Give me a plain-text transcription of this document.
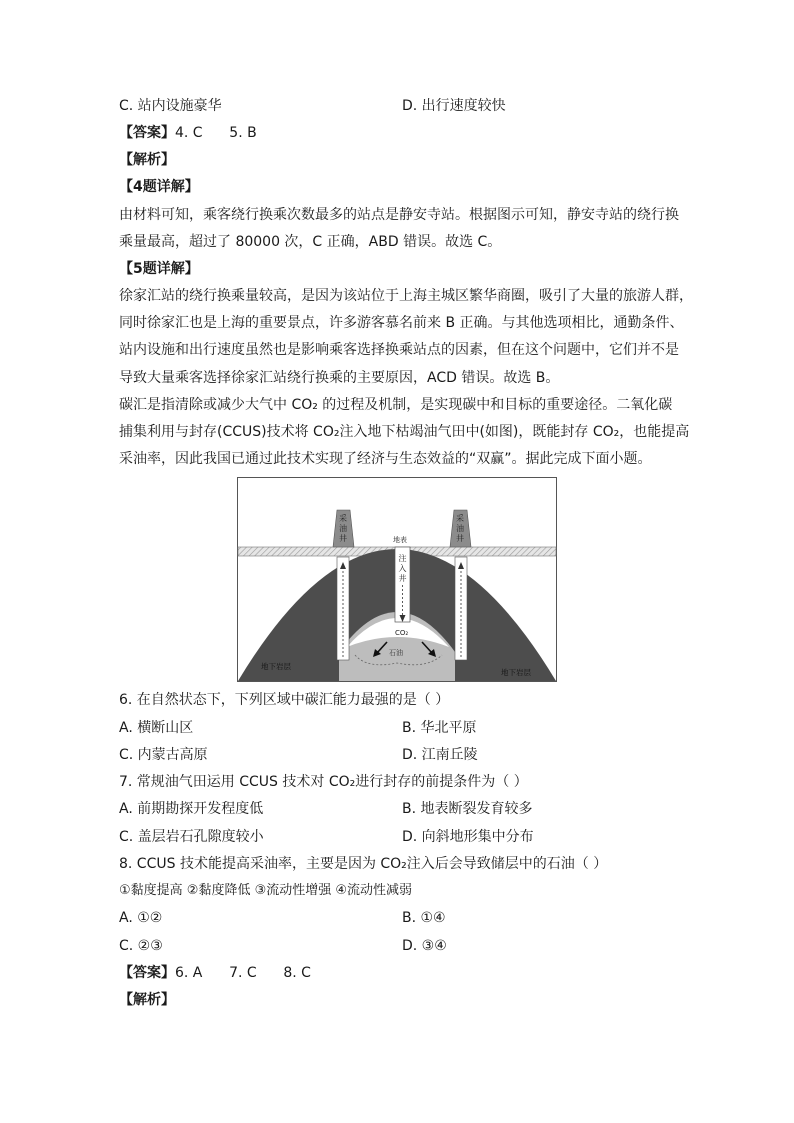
C. 站内设施豪华	D. 出行速度较快
【答案】4. C      5. B
【解析】
【4题详解】
由材料可知，乘客绕行换乘次数最多的站点是静安寺站。根据图示可知，静安寺站的绕行换
乘量最高，超过了 80000 次，C 正确，ABD 错误。故选 C。
【5题详解】
徐家汇站的绕行换乘量较高，是因为该站位于上海主城区繁华商圈，吸引了大量的旅游人群，
同时徐家汇也是上海的重要景点，许多游客慕名前来 B 正确。与其他选项相比，通勤条件、
站内设施和出行速度虽然也是影响乘客选择换乘站点的因素，但在这个问题中，它们并不是
导致大量乘客选择徐家汇站绕行换乘的主要原因，ACD 错误。故选 B。
碳汇是指清除或减少大气中 CO₂ 的过程及机制，是实现碳中和目标的重要途径。二氧化碳
捕集利用与封存(CCUS)技术将 CO₂注入地下枯竭油气田中(如图)，既能封存 CO₂，也能提高
采油率，因此我国已通过此技术实现了经济与生态效益的“双赢”。据此完成下面小题。
采油井
采油井
注入井
地表
CO₂
石油
地下岩层
地下岩层
6. 在自然状态下，下列区域中碳汇能力最强的是（ ）
A. 横断山区	B. 华北平原
C. 内蒙古高原	D. 江南丘陵
7. 常规油气田运用 CCUS 技术对 CO₂进行封存的前提条件为（ ）
A. 前期勘探开发程度低	B. 地表断裂发育较多
C. 盖层岩石孔隙度较小	D. 向斜地形集中分布
8. CCUS 技术能提高采油率，主要是因为 CO₂注入后会导致储层中的石油（ ）
①黏度提高 ②黏度降低 ③流动性增强 ④流动性减弱
A. ①②	B. ①④
C. ②③	D. ③④
【答案】6. A      7. C      8. C
【解析】
